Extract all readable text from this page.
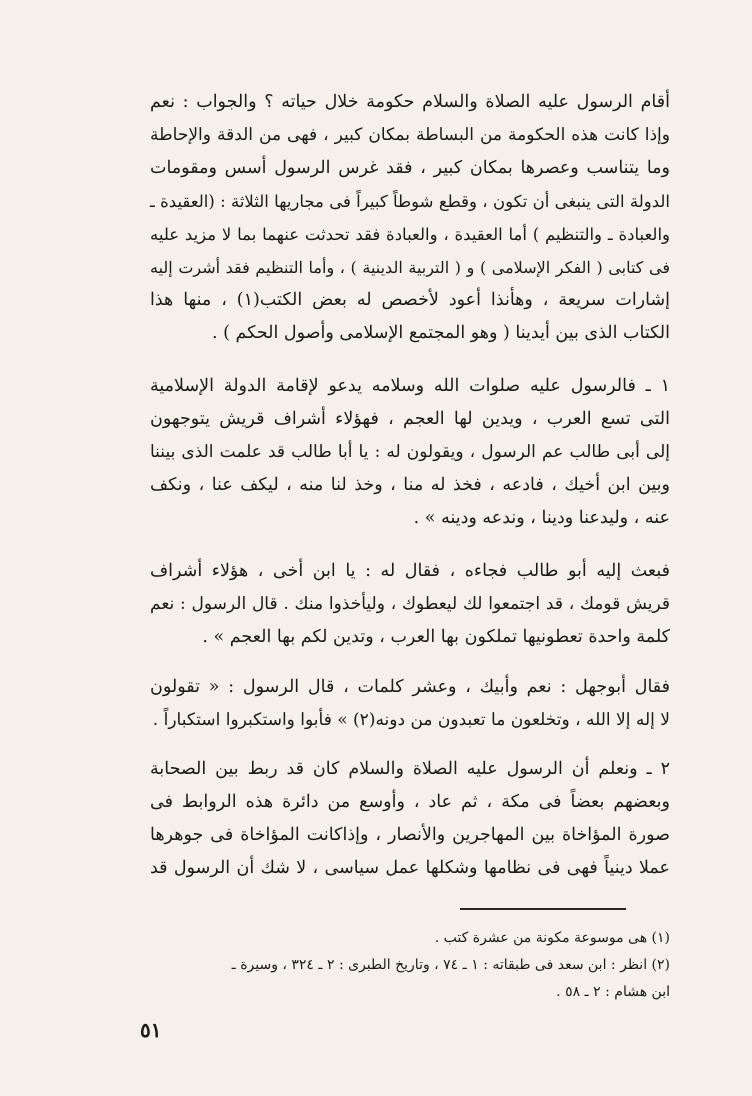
أقام الرسول عليه الصلاة والسلام حكومة خلال حياته ؟ والجواب : نعم
وإذا كانت هذه الحكومة من البساطة بمكان كبير ، فهى من الدقة والإحاطة
وما يتناسب وعصرها بمكان كبير ، فقد غرس الرسول أسس ومقومات
الدولة التى ينبغى أن تكون ، وقطع شوطاً كبيراً فى مجاريها الثلاثة : (العقيدة ـ
والعبادة ـ والتنظيم ) أما العقيدة ، والعبادة فقد تحدثت عنهما بما لا مزيد عليه
فى كتابى ( الفكر الإسلامى ) و ( التربية الدينية ) ، وأما التنظيم فقد أشرت إليه
إشارات سريعة ، وهأنذا أعود لأخصص له بعض الكتب(١) ، منها هذا
الكتاب الذى بين أيدينا ( وهو المجتمع الإسلامى وأصول الحكم ) .

١ ـ فالرسول عليه صلوات الله وسلامه يدعو لإقامة الدولة الإسلامية
التى تسع العرب ، ويدين لها العجم ، فهؤلاء أشراف قريش يتوجهون
إلى أبى طالب عم الرسول ، ويقولون له : يا أبا طالب قد علمت الذى بيننا
وبين ابن أخيك ، فادعه ، فخذ له منا ، وخذ لنا منه ، ليكف عنا ، ونكف
عنه ، وليدعنا ودينا ، وندعه ودينه » .

فبعث إليه أبو طالب فجاءه ، فقال له : يا ابن أخى ، هؤلاء أشراف
قريش قومك ، قد اجتمعوا لك ليعطوك ، وليأخذوا منك . قال الرسول : نعم
كلمة واحدة تعطونيها تملكون بها العرب ، وتدين لكم بها العجم » .

فقال أبوجهل : نعم وأبيك ، وعشر كلمات ، قال الرسول : « تقولون
لا إله إلا الله ، وتخلعون ما تعبدون من دونه(٢) » فأبوا واستكبروا استكباراً .

٢ ـ ونعلم أن الرسول عليه الصلاة والسلام كان قد ربط بين الصحابة
وبعضهم بعضاً فى مكة ، ثم عاد ، وأوسع من دائرة هذه الروابط فى
صورة المؤاخاة بين المهاجرين والأنصار ، وإذاكانت المؤاخاة فى جوهرها
عملا دينياً فهى فى نظامها وشكلها عمل سياسى ، لا شك أن الرسول قد

(١) هى موسوعة مكونة من عشرة كتب .
(٢) انظر : ابن سعد فى طبقاته : ١ ـ ٧٤ ، وتاريخ الطبرى : ٢ ـ ٣٢٤ ، وسيرة ـ
ابن هشام : ٢ ـ ٥٨ .
٥١
